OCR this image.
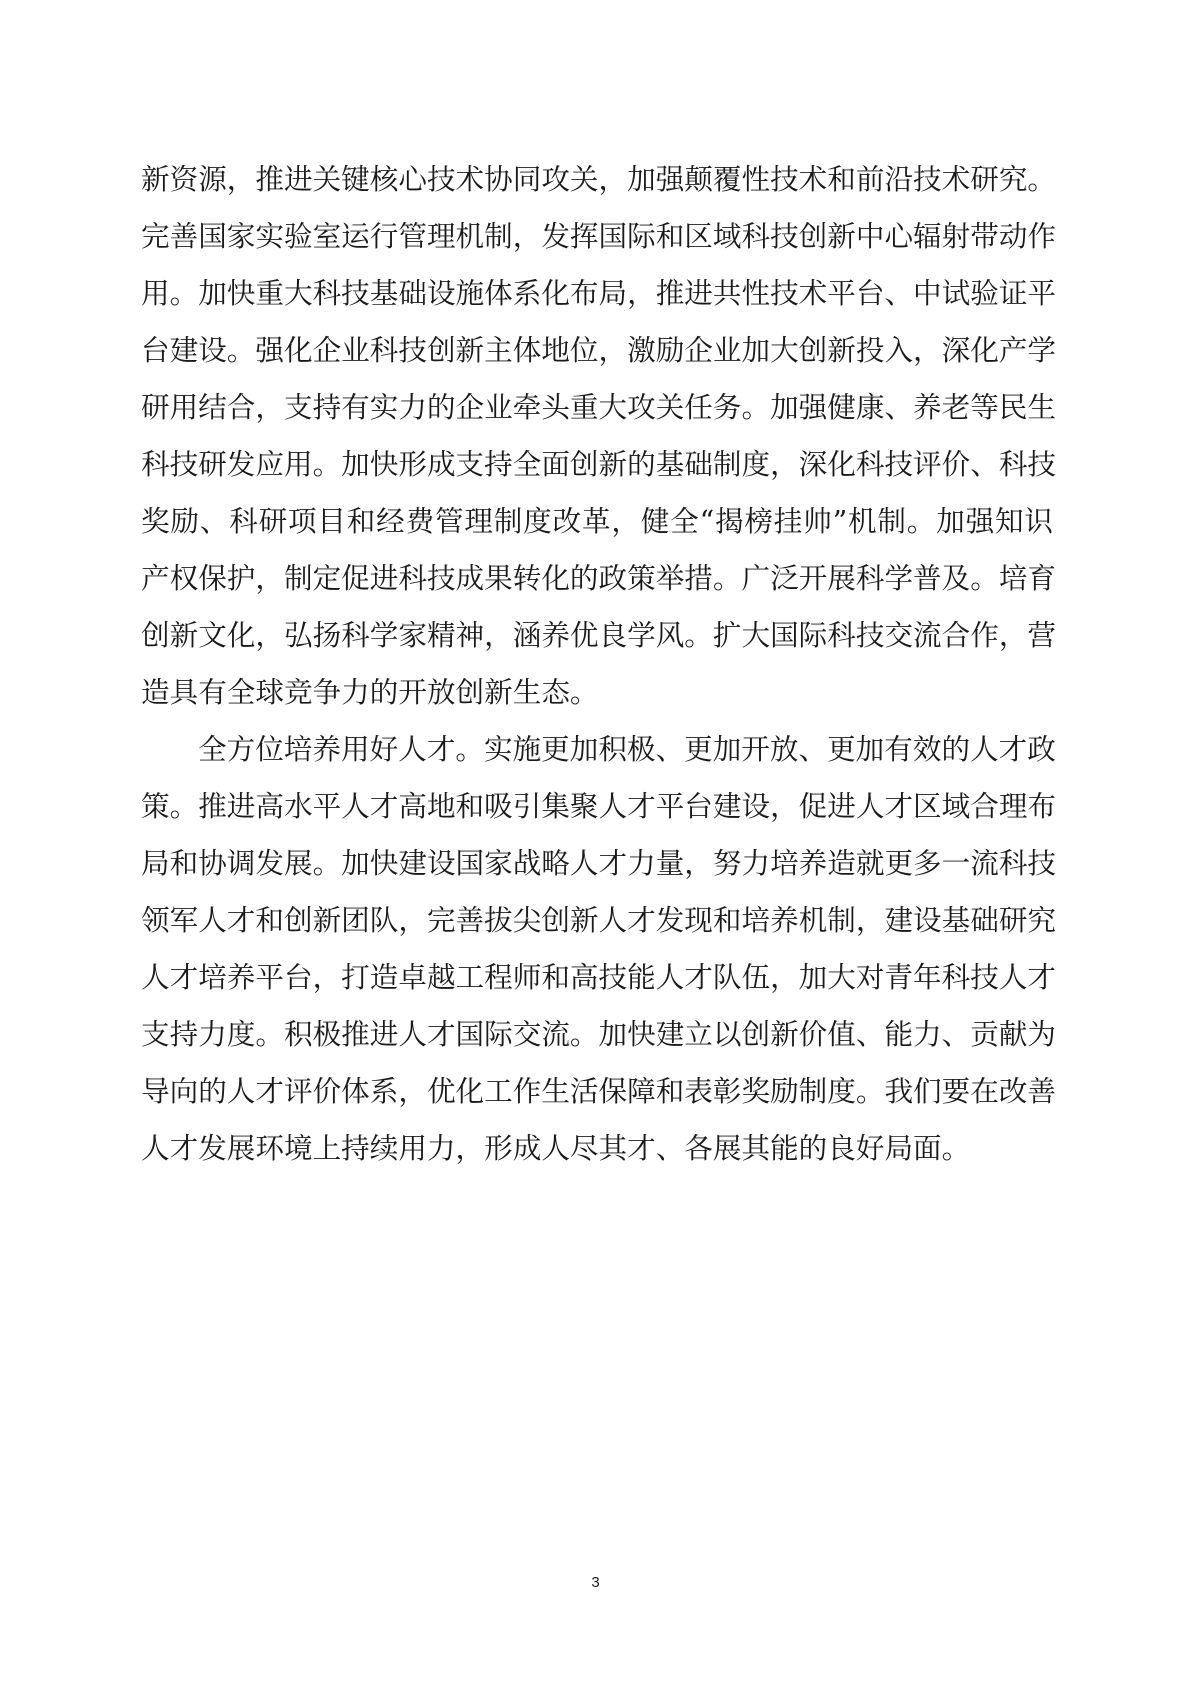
新资源，推进关键核心技术协同攻关，加强颠覆性技术和前沿技术研究。
完善国家实验室运行管理机制，发挥国际和区域科技创新中心辐射带动作
用。加快重大科技基础设施体系化布局，推进共性技术平台、中试验证平
台建设。强化企业科技创新主体地位，激励企业加大创新投入，深化产学
研用结合，支持有实力的企业牵头重大攻关任务。加强健康、养老等民生
科技研发应用。加快形成支持全面创新的基础制度，深化科技评价、科技
奖励、科研项目和经费管理制度改革，健全“揭榜挂帅”机制。加强知识
产权保护，制定促进科技成果转化的政策举措。广泛开展科学普及。培育
创新文化，弘扬科学家精神，涵养优良学风。扩大国际科技交流合作，营
造具有全球竞争力的开放创新生态。
全方位培养用好人才。实施更加积极、更加开放、更加有效的人才政
策。推进高水平人才高地和吸引集聚人才平台建设，促进人才区域合理布
局和协调发展。加快建设国家战略人才力量，努力培养造就更多一流科技
领军人才和创新团队，完善拔尖创新人才发现和培养机制，建设基础研究
人才培养平台，打造卓越工程师和高技能人才队伍，加大对青年科技人才
支持力度。积极推进人才国际交流。加快建立以创新价值、能力、贡献为
导向的人才评价体系，优化工作生活保障和表彰奖励制度。我们要在改善
人才发展环境上持续用力，形成人尽其才、各展其能的良好局面。
3
